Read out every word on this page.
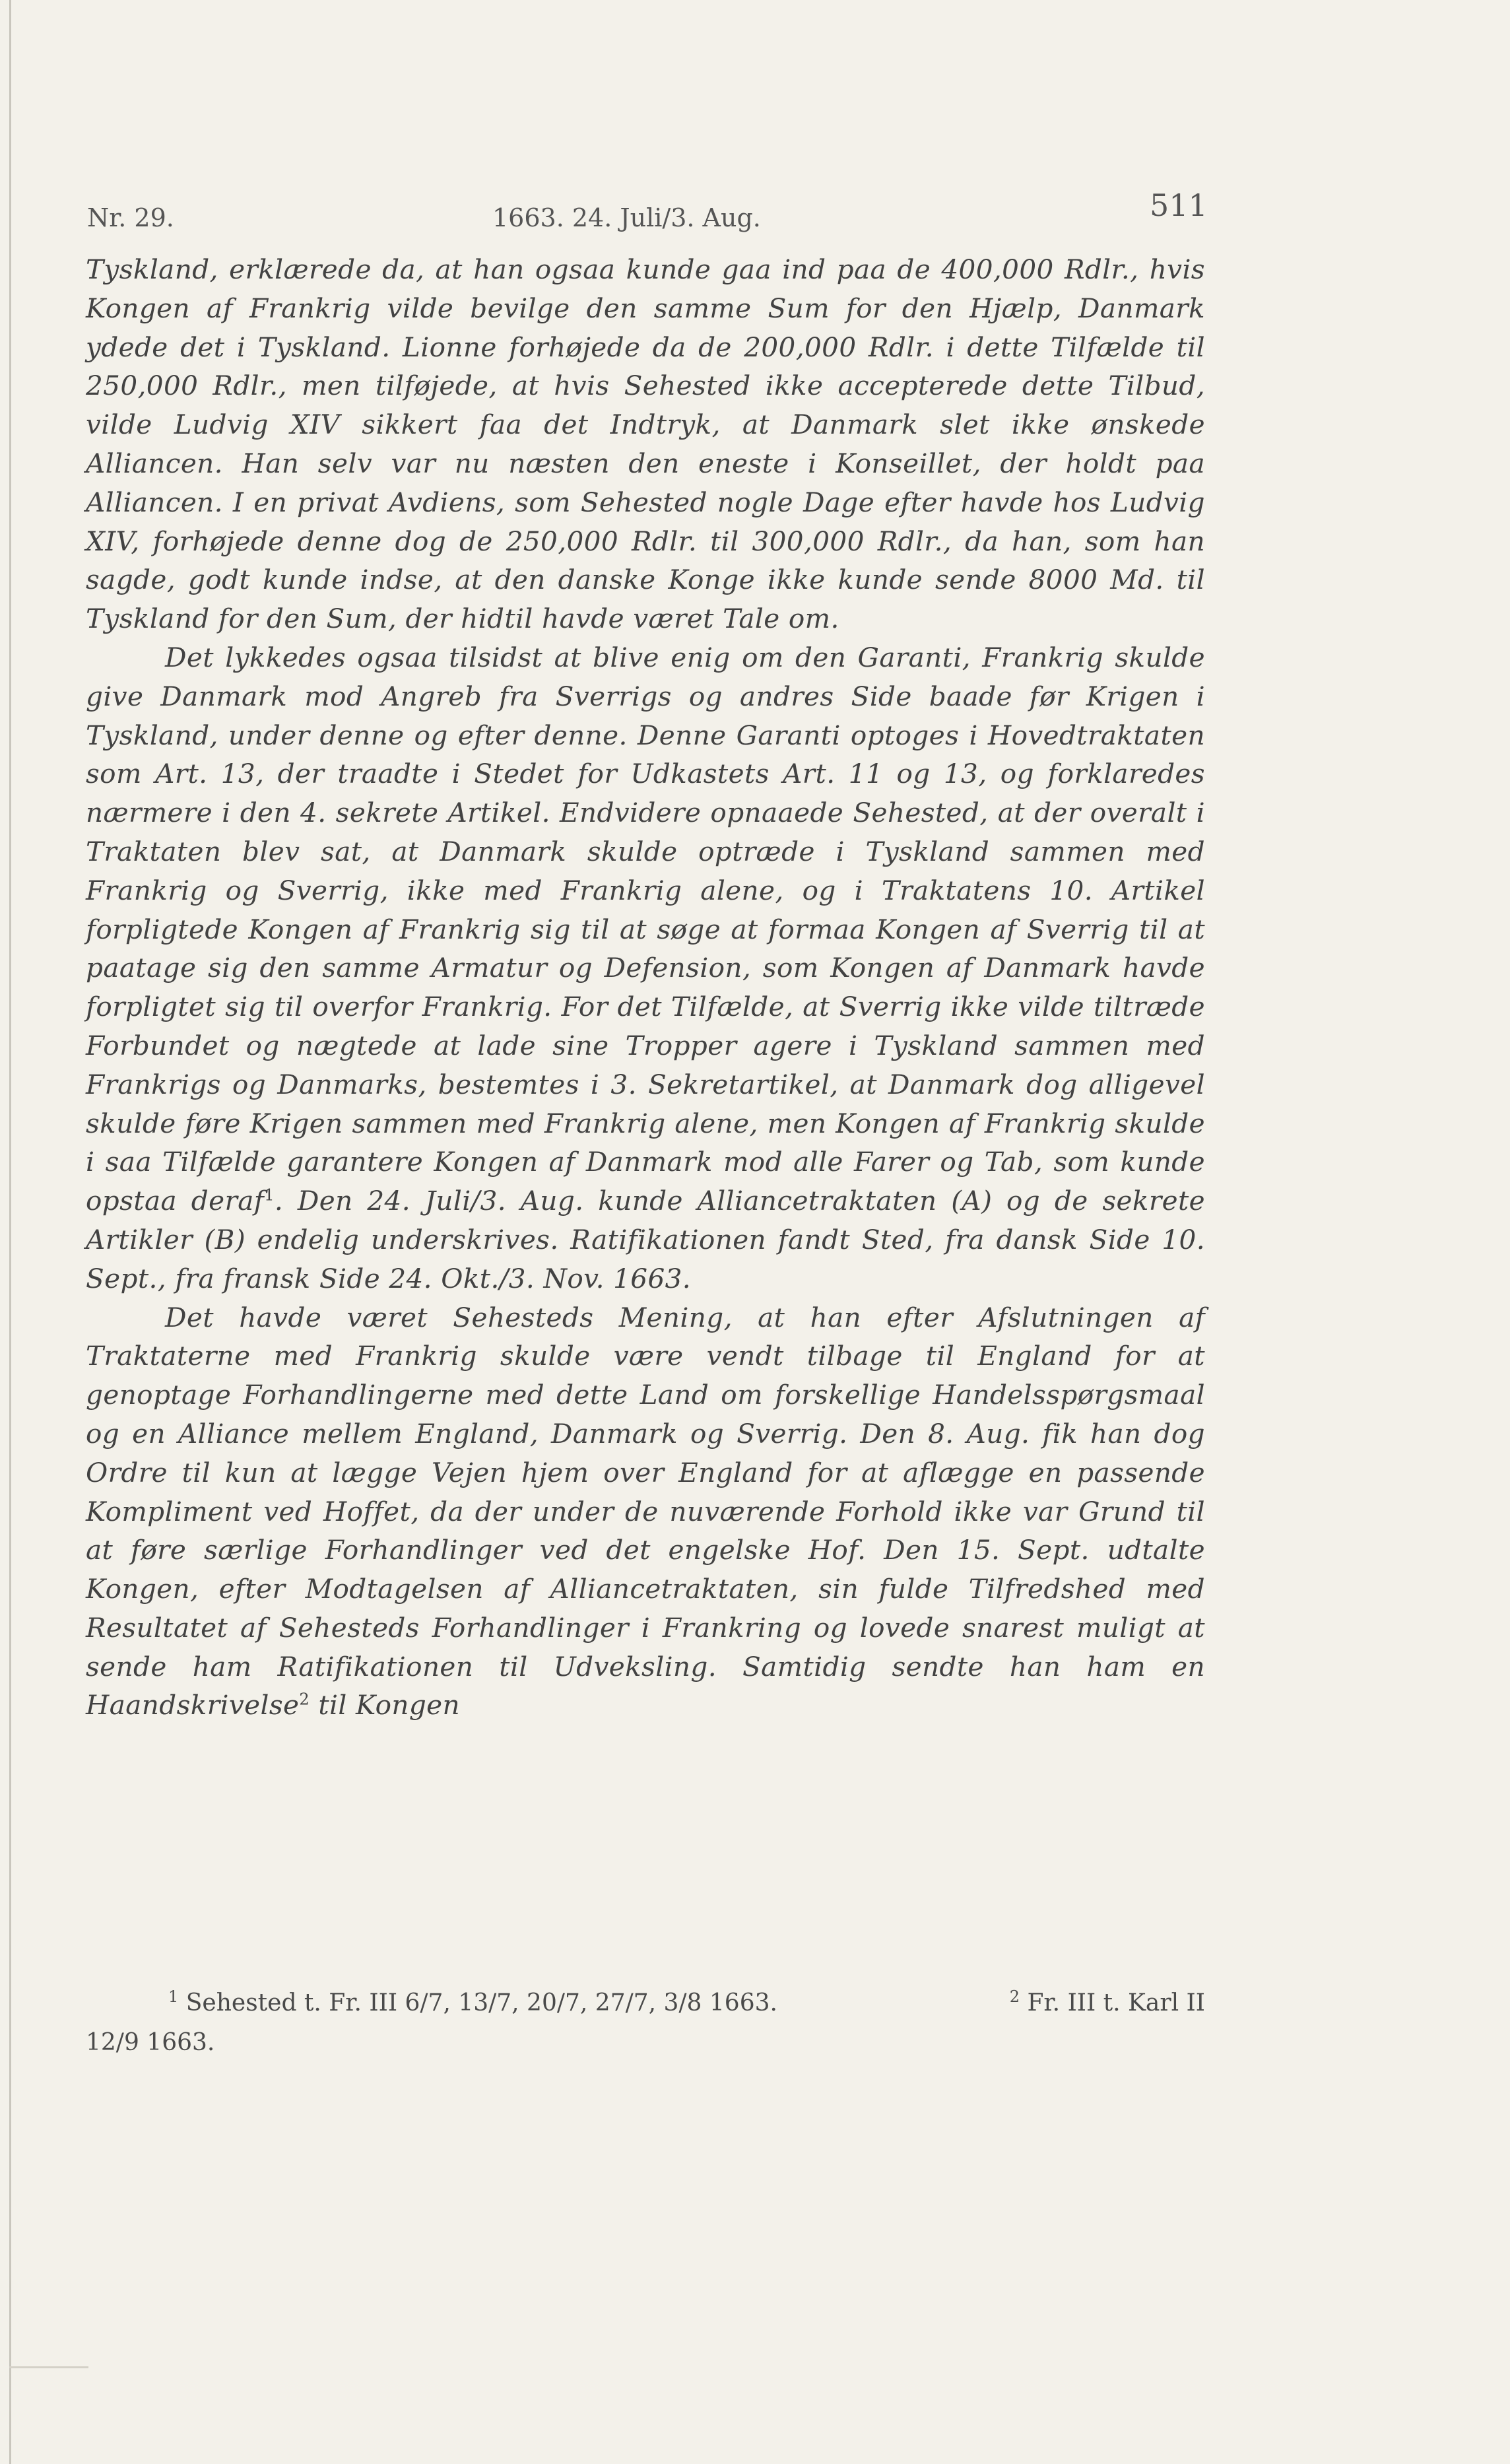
Nr. 29.	1663. 24. Juli/3. Aug.	511

Tyskland, erklærede da, at han ogsaa kunde gaa ind paa de 400,000 Rdlr., hvis Kongen af Frankrig vilde bevilge den samme Sum for den Hjælp, Danmark ydede det i Tyskland. Lionne forhøjede da de 200,000 Rdlr. i dette Tilfælde til 250,000 Rdlr., men tilføjede, at hvis Sehested ikke accepterede dette Tilbud, vilde Ludvig XIV sikkert faa det Indtryk, at Danmark slet ikke ønskede Alliancen. Han selv var nu næsten den eneste i Konseillet, der holdt paa Alliancen. I en privat Avdiens, som Sehested nogle Dage efter havde hos Ludvig XIV, forhøjede denne dog de 250,000 Rdlr. til 300,000 Rdlr., da han, som han sagde, godt kunde indse, at den danske Konge ikke kunde sende 8000 Md. til Tyskland for den Sum, der hidtil havde været Tale om.

Det lykkedes ogsaa tilsidst at blive enig om den Garanti, Frankrig skulde give Danmark mod Angreb fra Sverrigs og andres Side baade før Krigen i Tyskland, under denne og efter denne. Denne Garanti optoges i Hovedtraktaten som Art. 13, der traadte i Stedet for Udkastets Art. 11 og 13, og forklaredes nærmere i den 4. sekrete Artikel. Endvidere opnaaede Sehested, at der overalt i Traktaten blev sat, at Danmark skulde optræde i Tyskland sammen med Frankrig og Sverrig, ikke med Frankrig alene, og i Traktatens 10. Artikel forpligtede Kongen af Frankrig sig til at søge at formaa Kongen af Sverrig til at paatage sig den samme Armatur og Defension, som Kongen af Danmark havde forpligtet sig til overfor Frankrig. For det Tilfælde, at Sverrig ikke vilde tiltræde Forbundet og nægtede at lade sine Tropper agere i Tyskland sammen med Frankrigs og Danmarks, bestemtes i 3. Sekretartikel, at Danmark dog alligevel skulde føre Krigen sammen med Frankrig alene, men Kongen af Frankrig skulde i saa Tilfælde garantere Kongen af Danmark mod alle Farer og Tab, som kunde opstaa deraf$^1$. Den 24. Juli/3. Aug. kunde Alliancetraktaten (A) og de sekrete Artikler (B) endelig underskrives. Ratifikationen fandt Sted, fra dansk Side 10. Sept., fra fransk Side 24. Okt./3. Nov. 1663.

Det havde været Sehesteds Mening, at han efter Afslutningen af Traktaterne med Frankrig skulde være vendt tilbage til England for at genoptage Forhandlingerne med dette Land om forskellige Handelsspørgsmaal og en Alliance mellem England, Danmark og Sverrig. Den 8. Aug. fik han dog Ordre til kun at lægge Vejen hjem over England for at aflægge en passende Kompliment ved Hoffet, da der under de nuværende Forhold ikke var Grund til at føre særlige Forhandlinger ved det engelske Hof. Den 15. Sept. udtalte Kongen, efter Modtagelsen af Alliancetraktaten, sin fulde Tilfredshed med Resultatet af Sehesteds Forhandlinger i Frankring og lovede snarest muligt at sende ham Ratifikationen til Udveksling. Samtidig sendte han ham en Haandskrivelse$^2$ til Kongen

$^1$ Sehested t. Fr. III 6/7, 13/7, 20/7, 27/7, 3/8 1663.	$^2$ Fr. III t. Karl II
12/9 1663.
